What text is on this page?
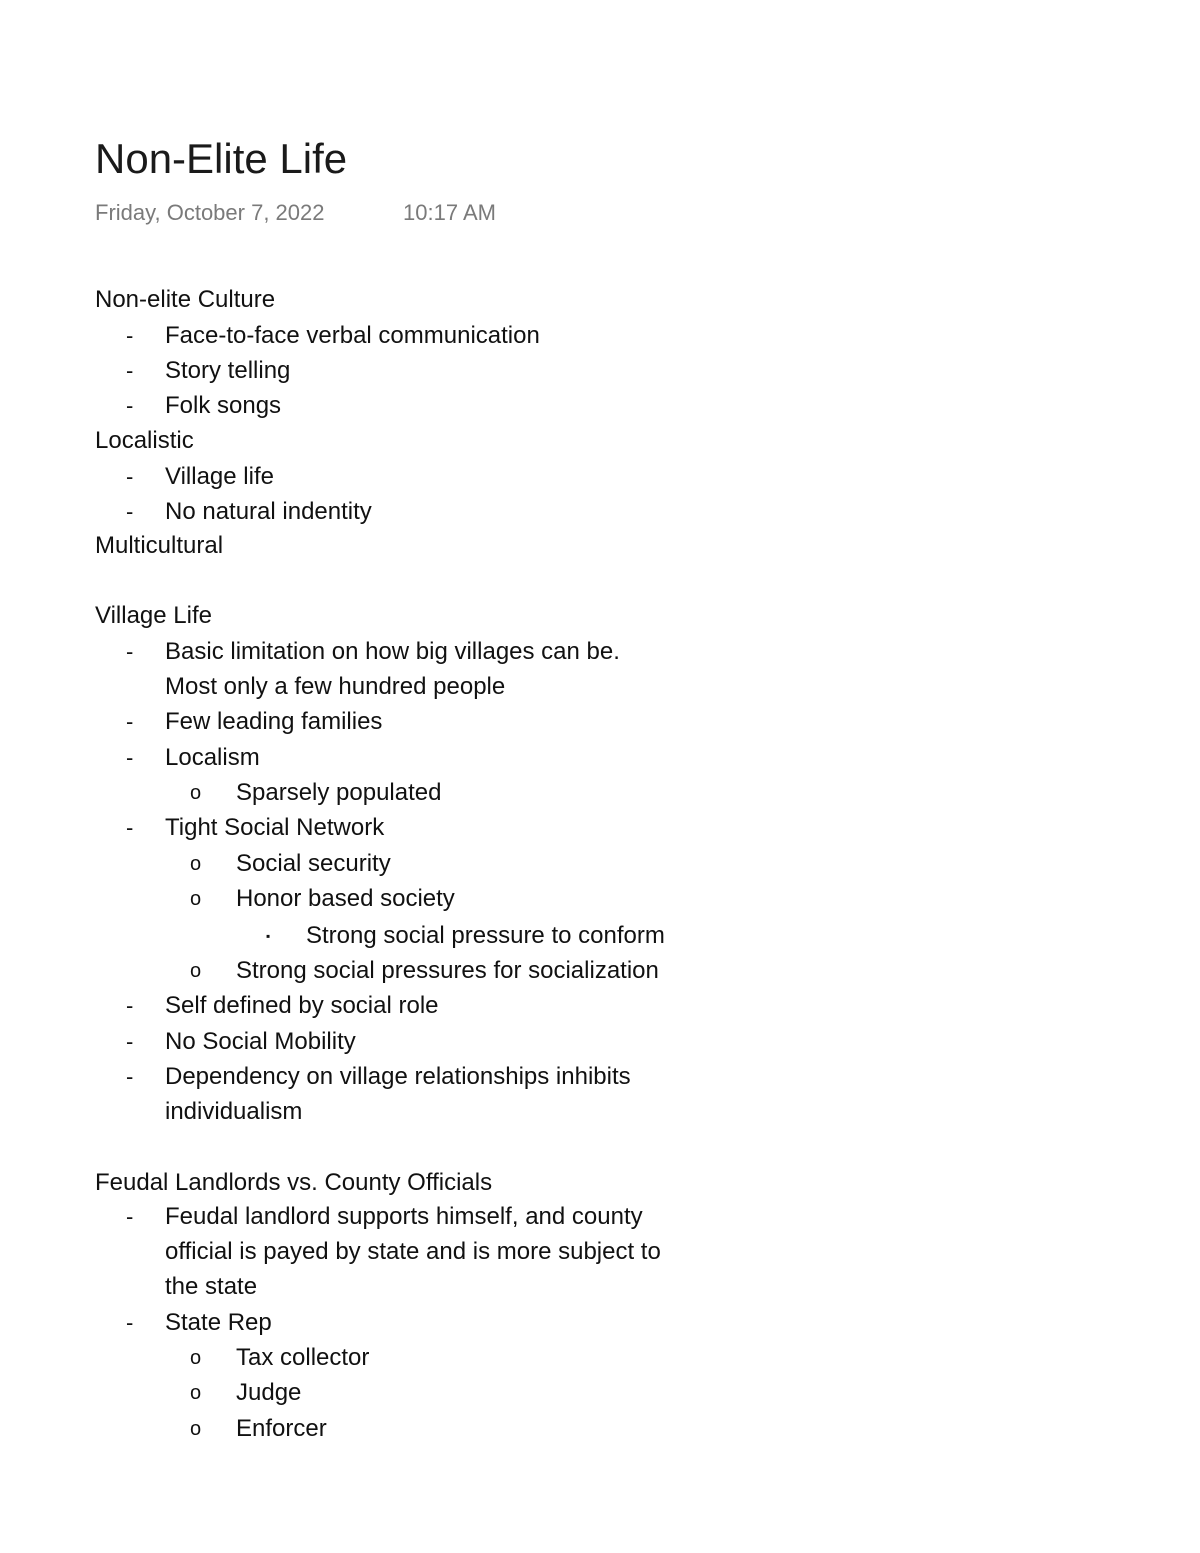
Non-Elite Life
Friday, October 7, 2022	10:17 AM
Non-elite Culture
- Face-to-face verbal communication
- Story telling
- Folk songs
Localistic
- Village life
- No natural indentity
Multicultural
Village Life
- Basic limitation on how big villages can be.
Most only a few hundred people
- Few leading families
- Localism
o Sparsely populated
- Tight Social Network
o Social security
o Honor based society
▪ Strong social pressure to conform
o Strong social pressures for socialization
- Self defined by social role
- No Social Mobility
- Dependency on village relationships inhibits
individualism
Feudal Landlords vs. County Officials
- Feudal landlord supports himself, and county
official is payed by state and is more subject to
the state
- State Rep
o Tax collector
o Judge
o Enforcer
